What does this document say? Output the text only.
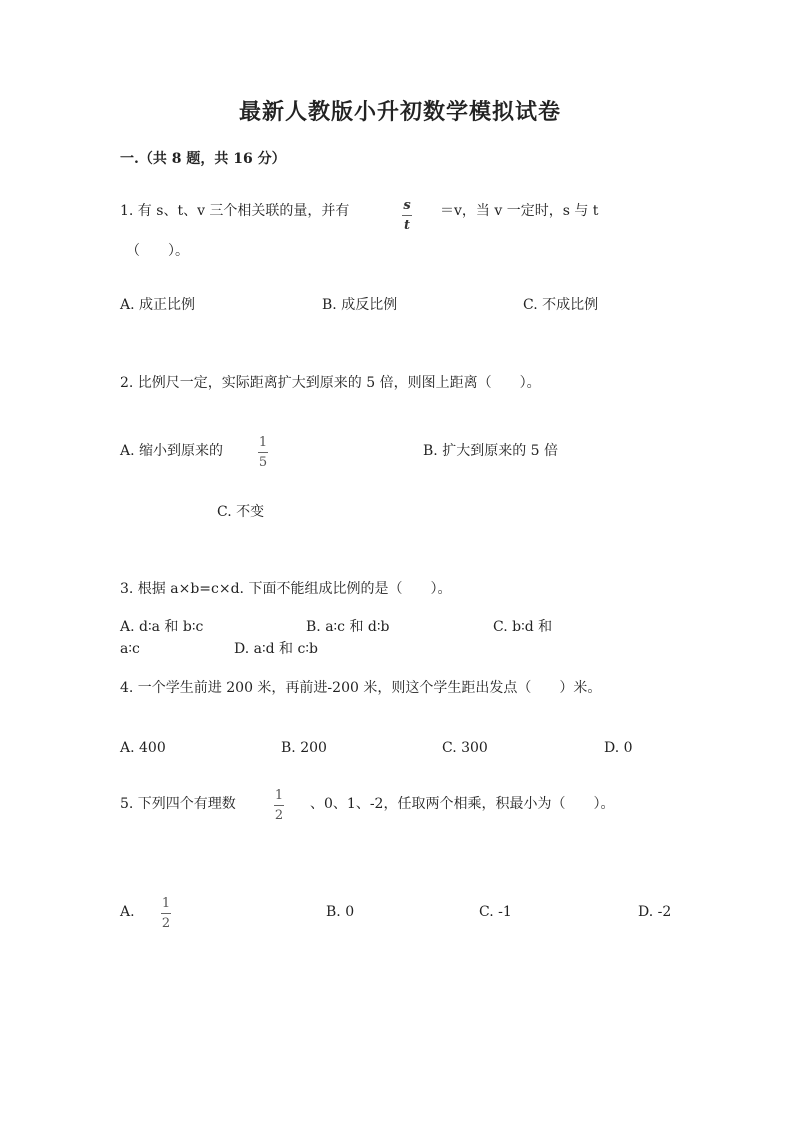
最新人教版小升初数学模拟试卷
一.（共 8 题，共 16 分）
1. 有 s、t、v 三个相关联的量，并有	s
t
＝v，当 v 一定时，s 与 t
（　　）。
A. 成正比例	B. 成反比例	C. 不成比例
2. 比例尺一定，实际距离扩大到原来的 5 倍，则图上距离（　　）。
A. 缩小到原来的
1
5
B. 扩大到原来的 5 倍
C. 不变
3. 根据 a×b=c×d. 下面不能组成比例的是（　　）。
A. d∶a 和 b∶c	B. a∶c 和 d∶b	C. b∶d 和
a∶c	D. a∶d 和 c∶b
4. 一个学生前进 200 米，再前进-200 米，则这个学生距出发点（　　）米。
A. 400	B. 200	C. 300	D. 0
5. 下列四个有理数
1
2
、0、1、-2，任取两个相乘，积最小为（　　）。
A.
1
2
B. 0	C. -1	D. -2
